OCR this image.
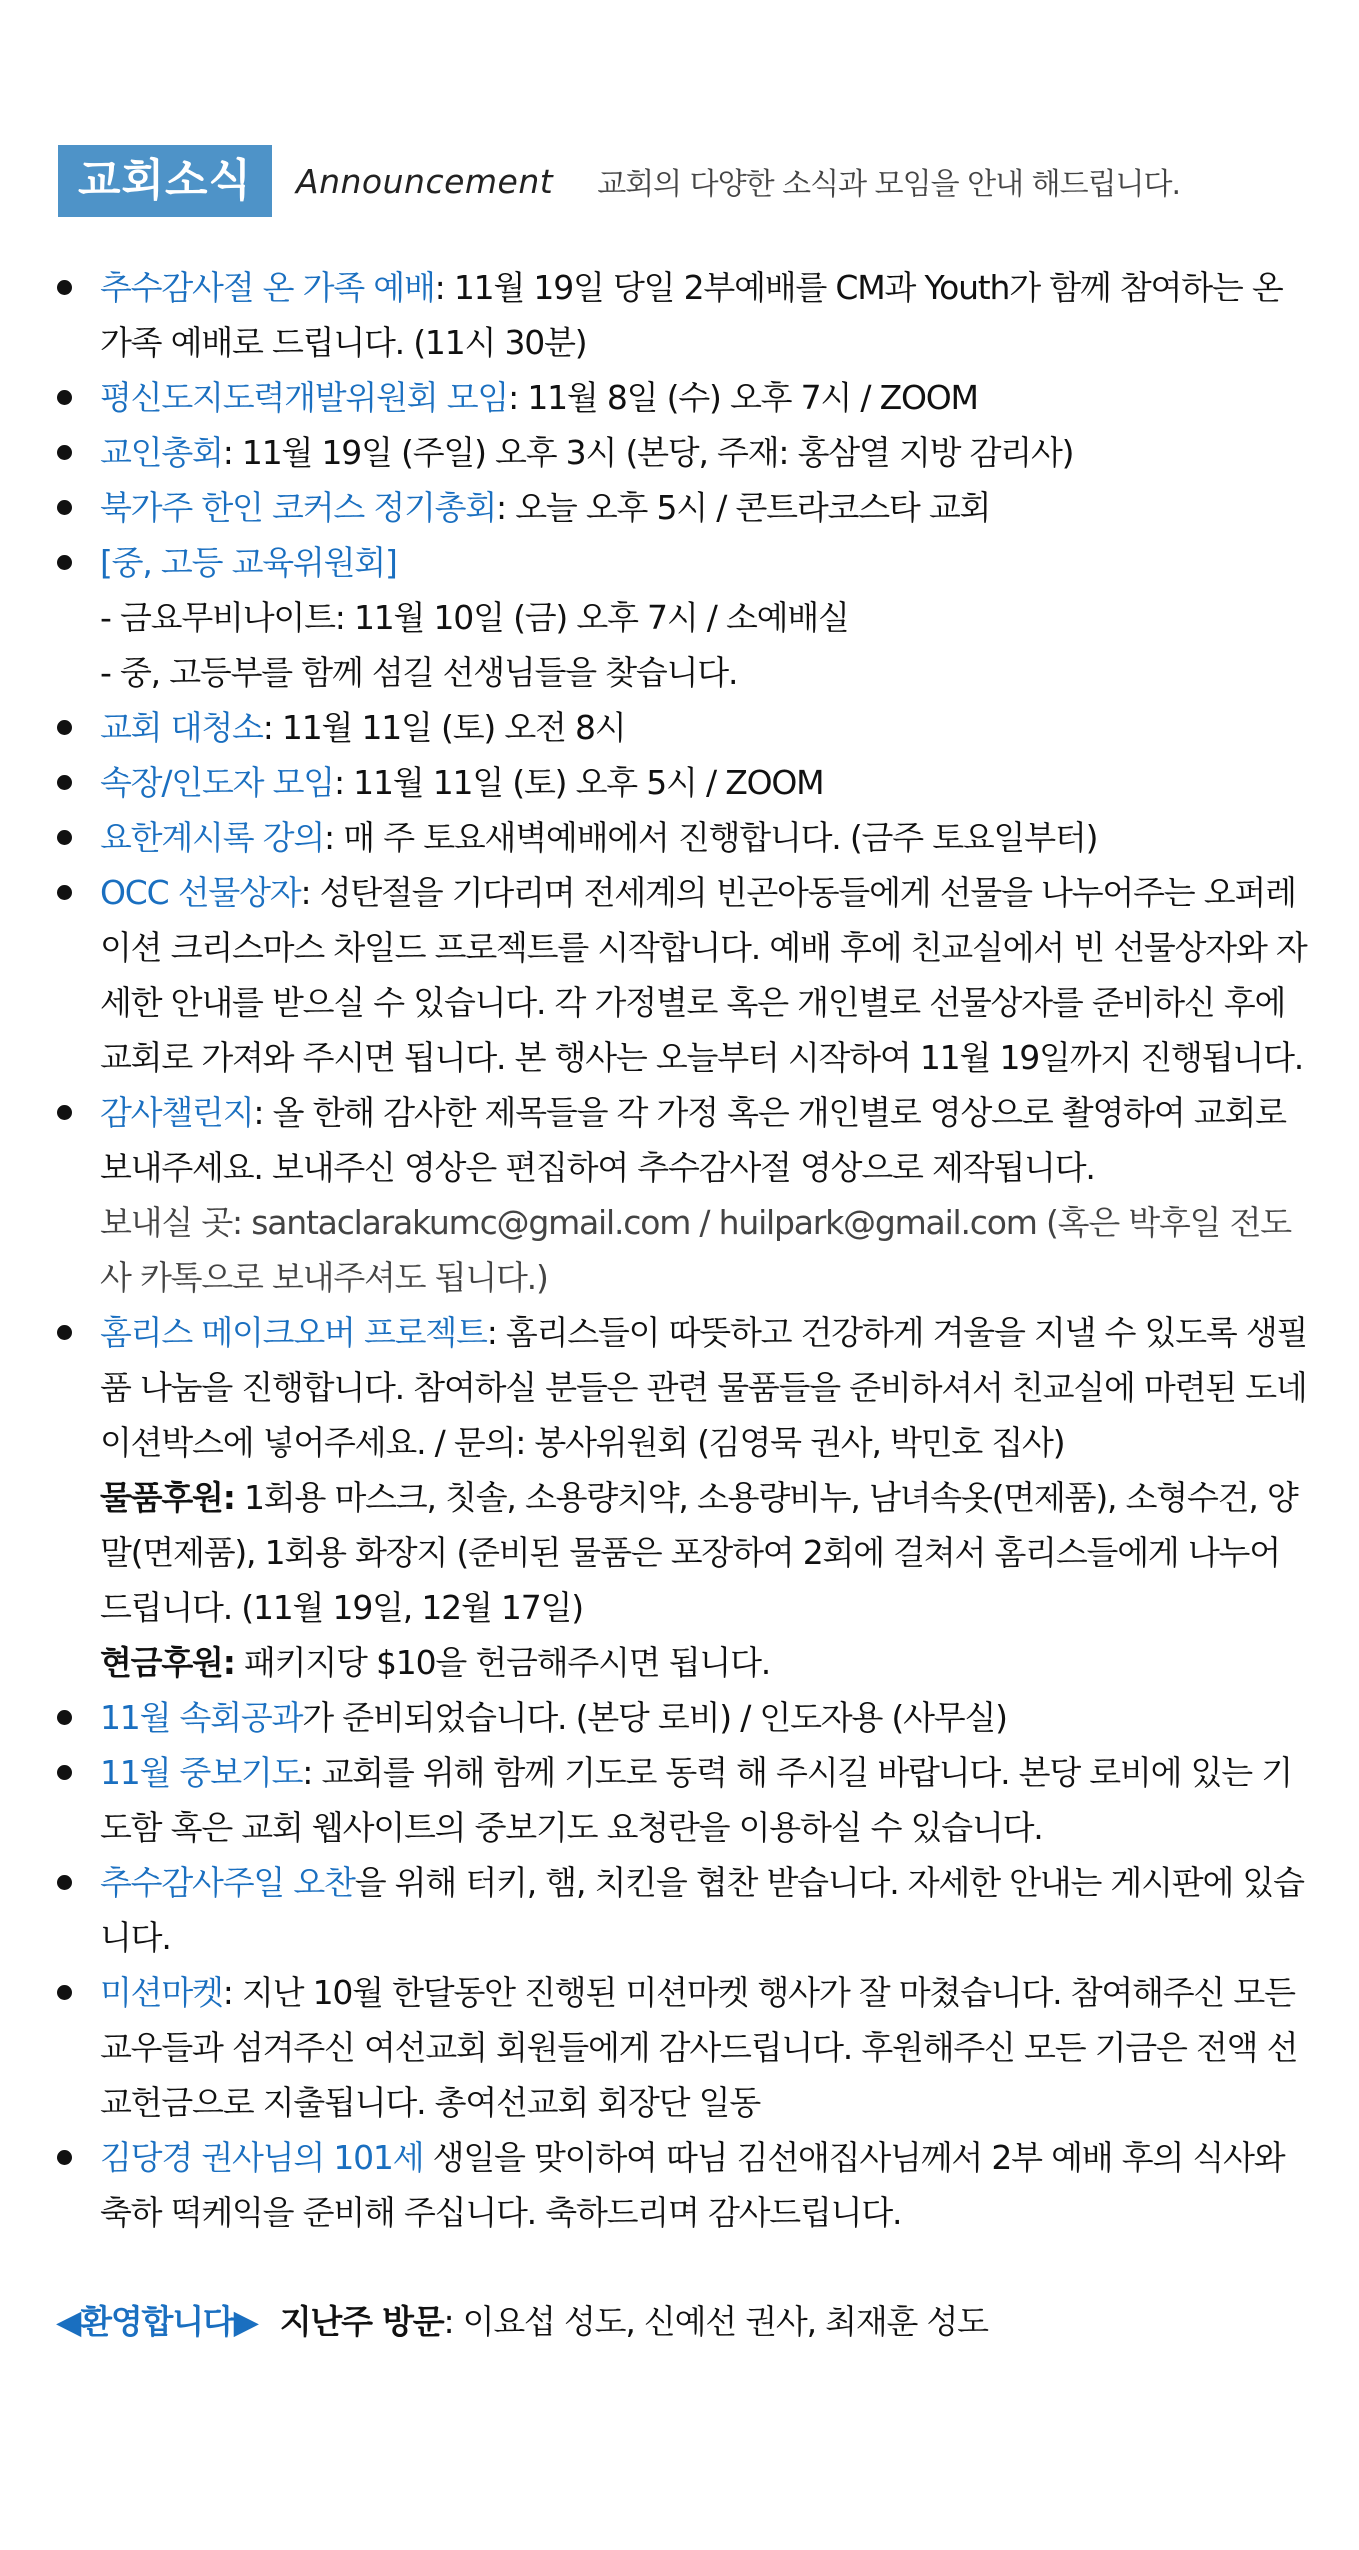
교회소식	Announcement 교회의 다양한 소식과 모임을 안내 해드립니다.
추수감사절 온 가족 예배: 11월 19일 당일 2부예배를 CM과 Youth가 함께 참여하는 온 가족 예배로 드립니다. (11시 30분)
평신도지도력개발위원회 모임: 11월 8일 (수) 오후 7시 / ZOOM
교인총회: 11월 19일 (주일) 오후 3시 (본당, 주재: 홍삼열 지방 감리사)
북가주 한인 코커스 정기총회: 오늘 오후 5시 / 콘트라코스타 교회
[중, 고등 교육위원회]
- 금요무비나이트: 11월 10일 (금) 오후 7시 / 소예배실
- 중, 고등부를 함께 섬길 선생님들을 찾습니다.
교회 대청소: 11월 11일 (토) 오전 8시
속장/인도자 모임: 11월 11일 (토) 오후 5시 / ZOOM
요한계시록 강의: 매 주 토요새벽예배에서 진행합니다. (금주 토요일부터)
OCC 선물상자: 성탄절을 기다리며 전세계의 빈곤아동들에게 선물을 나누어주는 오퍼레이션 크리스마스 차일드 프로젝트를 시작합니다. 예배 후에 친교실에서 빈 선물상자와 자세한 안내를 받으실 수 있습니다. 각 가정별로 혹은 개인별로 선물상자를 준비하신 후에 교회로 가져와 주시면 됩니다. 본 행사는 오늘부터 시작하여 11월 19일까지 진행됩니다.
감사챌린지: 올 한해 감사한 제목들을 각 가정 혹은 개인별로 영상으로 촬영하여 교회로 보내주세요. 보내주신 영상은 편집하여 추수감사절 영상으로 제작됩니다.
보내실 곳: santaclarakumc@gmail.com / huilpark@gmail.com (혹은 박후일 전도사 카톡으로 보내주셔도 됩니다.)
홈리스 메이크오버 프로젝트: 홈리스들이 따뜻하고 건강하게 겨울을 지낼 수 있도록 생필품 나눔을 진행합니다. 참여하실 분들은 관련 물품들을 준비하셔서 친교실에 마련된 도네이션박스에 넣어주세요. / 문의: 봉사위원회 (김영묵 권사, 박민호 집사)
물품후원: 1회용 마스크, 칫솔, 소용량치약, 소용량비누, 남녀속옷(면제품), 소형수건, 양말(면제품), 1회용 화장지 (준비된 물품은 포장하여 2회에 걸쳐서 홈리스들에게 나누어 드립니다. (11월 19일, 12월 17일)
현금후원: 패키지당 $10을 헌금해주시면 됩니다.
11월 속회공과가 준비되었습니다. (본당 로비) / 인도자용 (사무실)
11월 중보기도: 교회를 위해 함께 기도로 동력 해 주시길 바랍니다. 본당 로비에 있는 기도함 혹은 교회 웹사이트의 중보기도 요청란을 이용하실 수 있습니다.
추수감사주일 오찬을 위해 터키, 햄, 치킨을 협찬 받습니다. 자세한 안내는 게시판에 있습니다.
미션마켓: 지난 10월 한달동안 진행된 미션마켓 행사가 잘 마쳤습니다. 참여해주신 모든 교우들과 섬겨주신 여선교회 회원들에게 감사드립니다. 후원해주신 모든 기금은 전액 선교헌금으로 지출됩니다. 총여선교회 회장단 일동
김당경 권사님의 101세 생일을 맞이하여 따님 김선애집사님께서 2부 예배 후의 식사와 축하 떡케익을 준비해 주십니다. 축하드리며 감사드립니다.
◀환영합니다▶ 지난주 방문: 이요섭 성도, 신예선 권사, 최재훈 성도
